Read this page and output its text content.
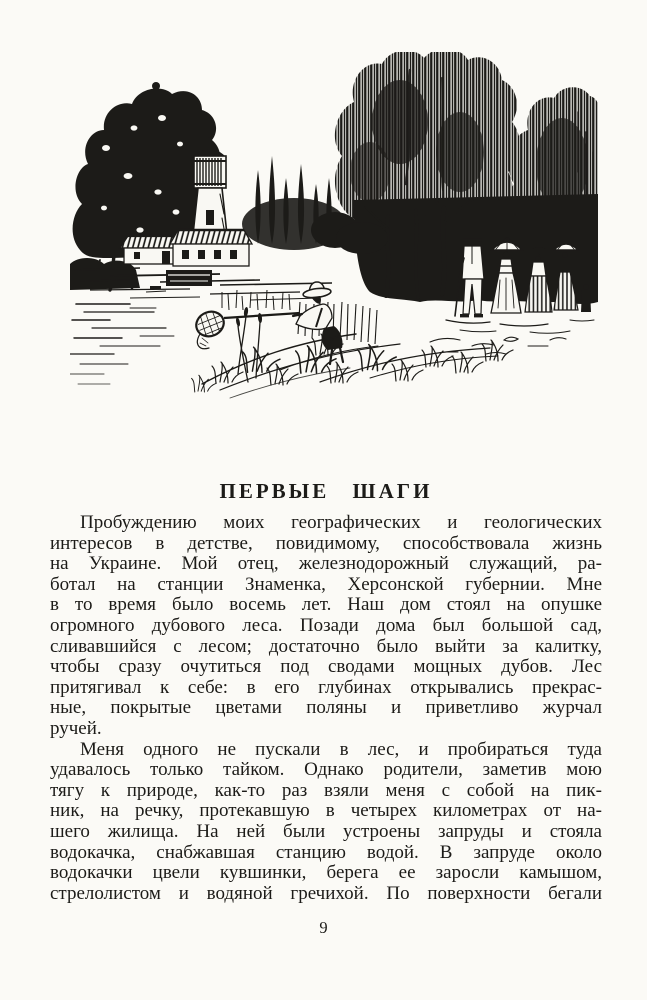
ПЕРВЫЕ ШАГИ
Пробуждению моих географических и геологических
интересов в детстве, повидимому, способствовала жизнь
на Украине. Мой отец, железнодорожный служащий, ра-
ботал на станции Знаменка, Херсонской губернии. Мне
в то время было восемь лет. Наш дом стоял на опушке
огромного дубового леса. Позади дома был большой сад,
сливавшийся с лесом; достаточно было выйти за калитку,
чтобы сразу очутиться под сводами мощных дубов. Лес
притягивал к себе: в его глубинах открывались прекрас-
ные, покрытые цветами поляны и приветливо журчал
ручей.
Меня одного не пускали в лес, и пробираться туда
удавалось только тайком. Однако родители, заметив мою
тягу к природе, как-то раз взяли меня с собой на пик-
ник, на речку, протекавшую в четырех километрах от на-
шего жилища. На ней были устроены запруды и стояла
водокачка, снабжавшая станцию водой. В запруде около
водокачки цвели кувшинки, берега ее заросли камышом,
стрелолистом и водяной гречихой. По поверхности бегали
9
